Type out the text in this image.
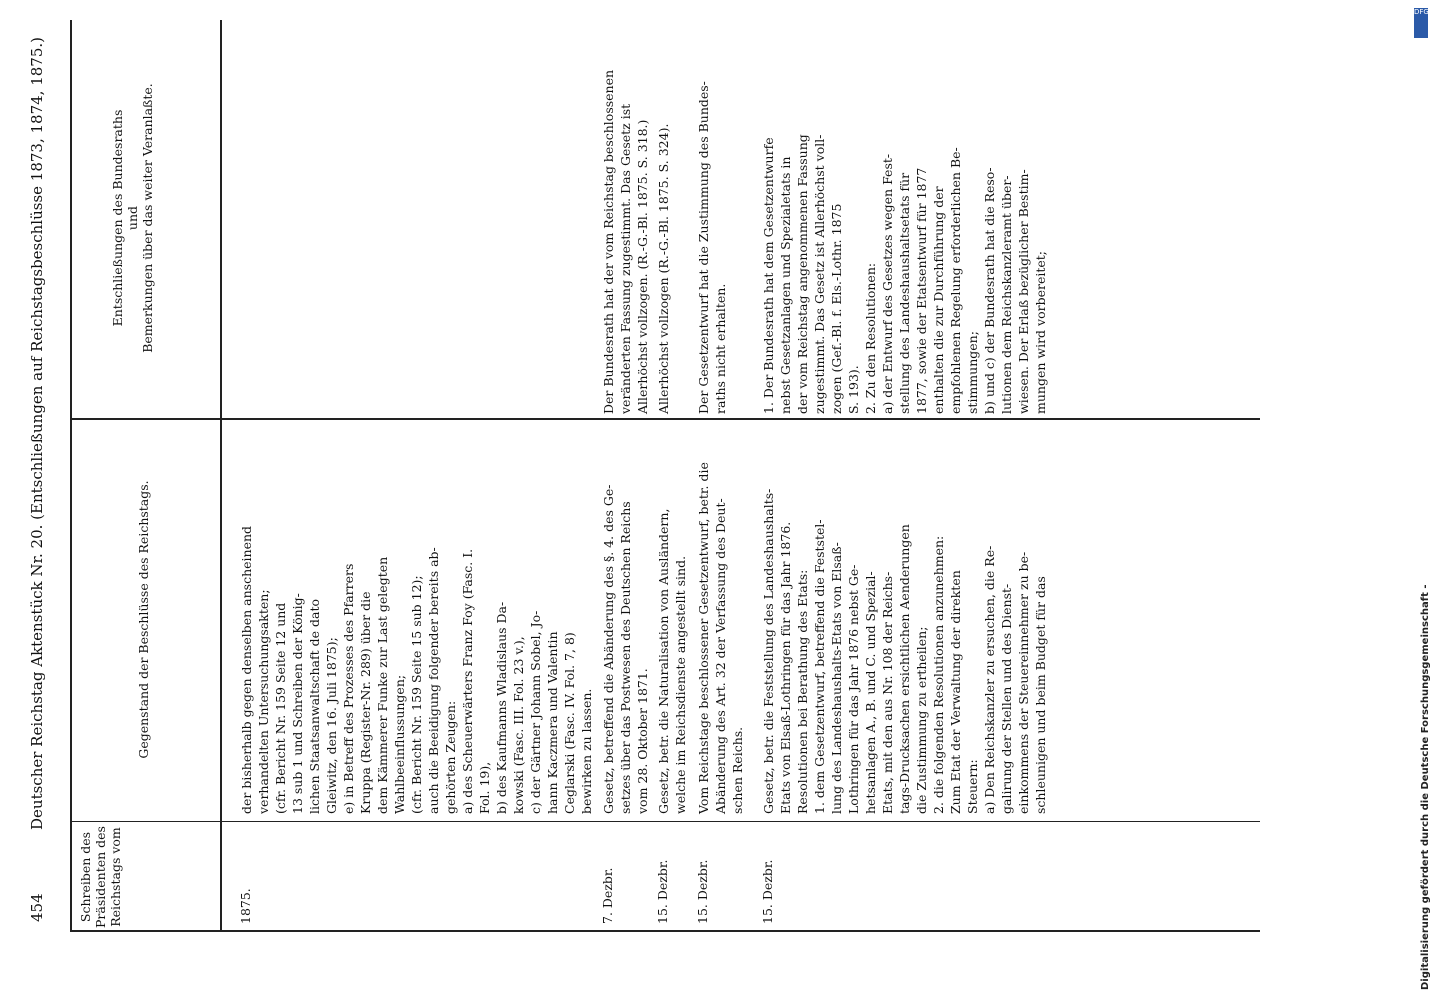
454
Deutscher Reichstag Aktenstück Nr. 20. (Entschließungen auf Reichstagsbeschlüsse 1873, 1874, 1875.)
Schreiben des Präsidenten des Reichstags vom
Gegenstand der Beschlüsse des Reichstags.

Entschließungen des Bundesraths und Bemerkungen über das weiter Veranlaßte.

1875.

der bisherhalb gegen denselben anscheinend verhandelten Untersuchungsakten; (cfr. Bericht Nr. 159 Seite 12 und 13 sub 1 und Schreiben der König- lichen Staatsanwaltschaft de dato Gleiwitz, den 16. Juli 1875); e) in Betreff des Prozesses des Pfarrers Kruppa (Register-Nr. 289) über die dem Kämmerer Funke zur Last gelegten Wahlbeeinflussungen; (cfr. Bericht Nr. 159 Seite 15 sub 12); auch die Beeidigung folgender bereits ab- gehörten Zeugen: a) des Scheuerwärters Franz Foy (Fasc. I. Fol. 19), b) des Kaufmanns Wladislaus Da- kowski (Fasc. III. Fol. 23 v.), c) der Gärtner Johann Sobel, Jo- hann Kaczmera und Valentin Ceglarski (Fasc. IV. Fol. 7, 8) bewirken zu lassen.

7. Dezbr.

Gesetz, betreffend die Abänderung des §. 4. des Ge- setzes über das Postwesen des Deutschen Reichs vom 28. Oktober 1871.

Der Bundesrath hat der vom Reichstag beschlossenen veränderten Fassung zugestimmt. Das Gesetz ist Allerhöchst vollzogen. (R.-G.-Bl. 1875. S. 318.)

15. Dezbr.

Gesetz, betr. die Naturalisation von Ausländern, welche im Reichsdienste angestellt sind.

Allerhöchst vollzogen (R.-G.-Bl. 1875. S. 324).

15. Dezbr.

Vom Reichstage beschlossener Gesetzentwurf, betr. die Abänderung des Art. 32 der Verfassung des Deut- schen Reichs.

Der Gesetzentwurf hat die Zustimmung des Bundes- raths nicht erhalten.

15. Dezbr.

Gesetz, betr. die Feststellung des Landeshaushalts- Etats von Elsaß-Lothringen für das Jahr 1876. Resolutionen bei Berathung des Etats: 1. dem Gesetzentwurf, betreffend die Feststel- lung des Landeshaushalts-Etats von Elsaß- Lothringen für das Jahr 1876 nebst Ge- hetsanlagen A., B. und C. und Spezial- Etats, mit den aus Nr. 108 der Reichs- tags-Drucksachen ersichtlichen Aenderungen die Zustimmung zu ertheilen; 2. die folgenden Resolutionen anzunehmen: Zum Etat der Verwaltung der direkten Steuern: a) Den Reichskanzler zu ersuchen, die Re- galirung der Stellen und des Dienst- einkommens der Steuereinnehmer zu be- schleunigen und beim Budget für das

1. Der Bundesrath hat dem Gesetzentwurfe nebst Gesetzanlagen und Spezialetats in der vom Reichstag angenommenen Fassung zugestimmt. Das Gesetz ist Allerhöchst voll- zogen (Gef.-Bl. f. Els.-Lothr. 1875 S. 193). 2. Zu den Resolutionen: a) der Entwurf des Gesetzes wegen Fest- stellung des Landeshaushaltsetats für 1877, sowie der Etatsentwurf für 1877 enthalten die zur Durchführung der empfohlenen Regelung erforderlichen Be- stimmungen; b) und c) der Bundesrath hat die Reso- lutionen dem Reichskanzleramt über- wiesen. Der Erlaß bezüglicher Bestim- mungen wird vorbereitet;

DFG
Digitalisierung gefördert durch die Deutsche Forschungsgemeinschaft -
